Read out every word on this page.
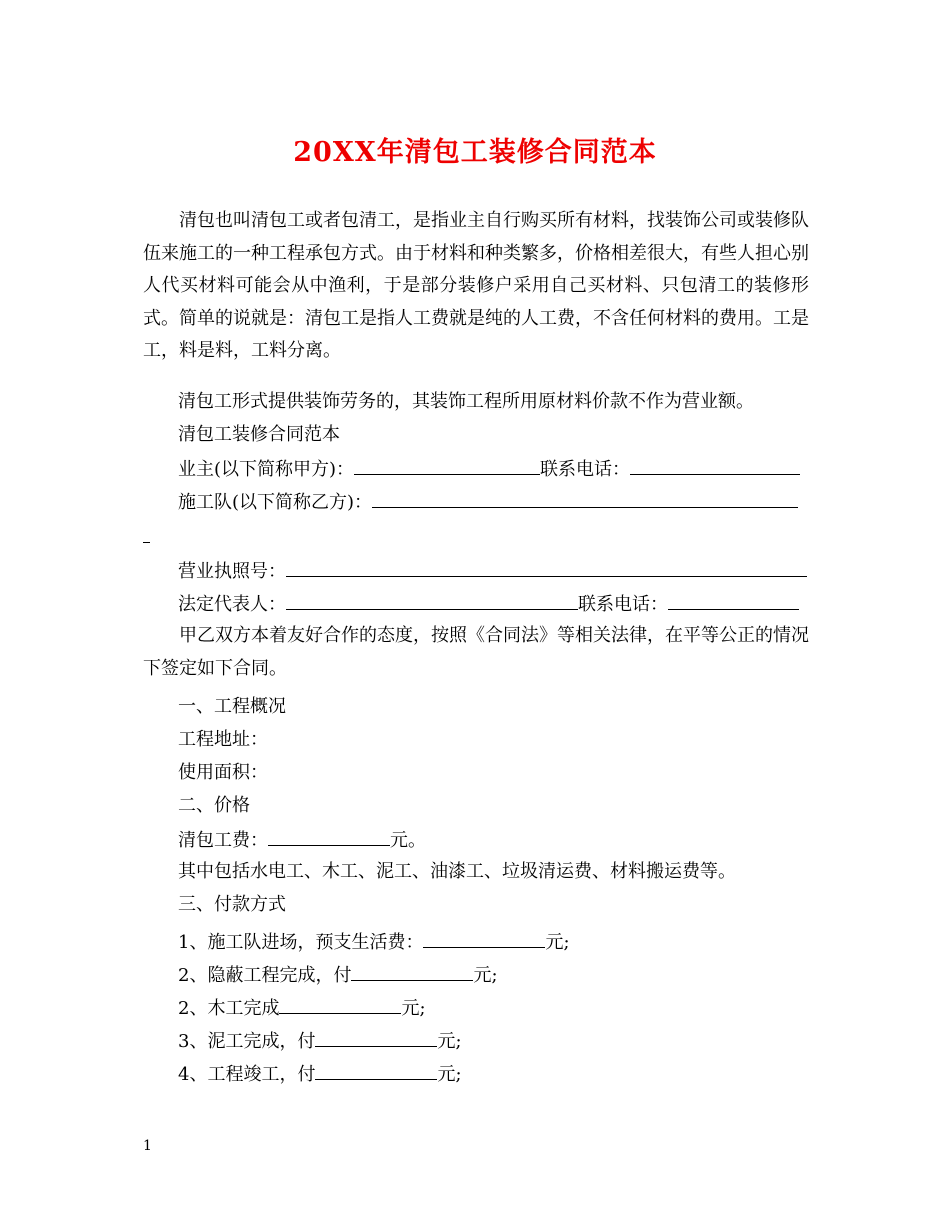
20XX年清包工装修合同范本
清包也叫清包工或者包清工，是指业主自行购买所有材料，找装饰公司或装修队伍来施工的一种工程承包方式。由于材料和种类繁多，价格相差很大，有些人担心别人代买材料可能会从中渔利，于是部分装修户采用自己买材料、只包清工的装修形式。简单的说就是：清包工是指人工费就是纯的人工费，不含任何材料的费用。工是工，料是料，工料分离。
清包工形式提供装饰劳务的，其装饰工程所用原材料价款不作为营业额。
清包工装修合同范本
业主(以下简称甲方)：	联系电话：
施工队(以下简称乙方)：
营业执照号：
法定代表人：	联系电话：
甲乙双方本着友好合作的态度，按照《合同法》等相关法律，在平等公正的情况下签定如下合同。
一、工程概况
工程地址：
使用面积：
二、价格
清包工费：	元。
其中包括水电工、木工、泥工、油漆工、垃圾清运费、材料搬运费等。
三、付款方式
1、施工队进场，预支生活费：	元;
2、隐蔽工程完成，付	元;
2、木工完成	元;
3、泥工完成，付	元;
4、工程竣工，付	元;
1
